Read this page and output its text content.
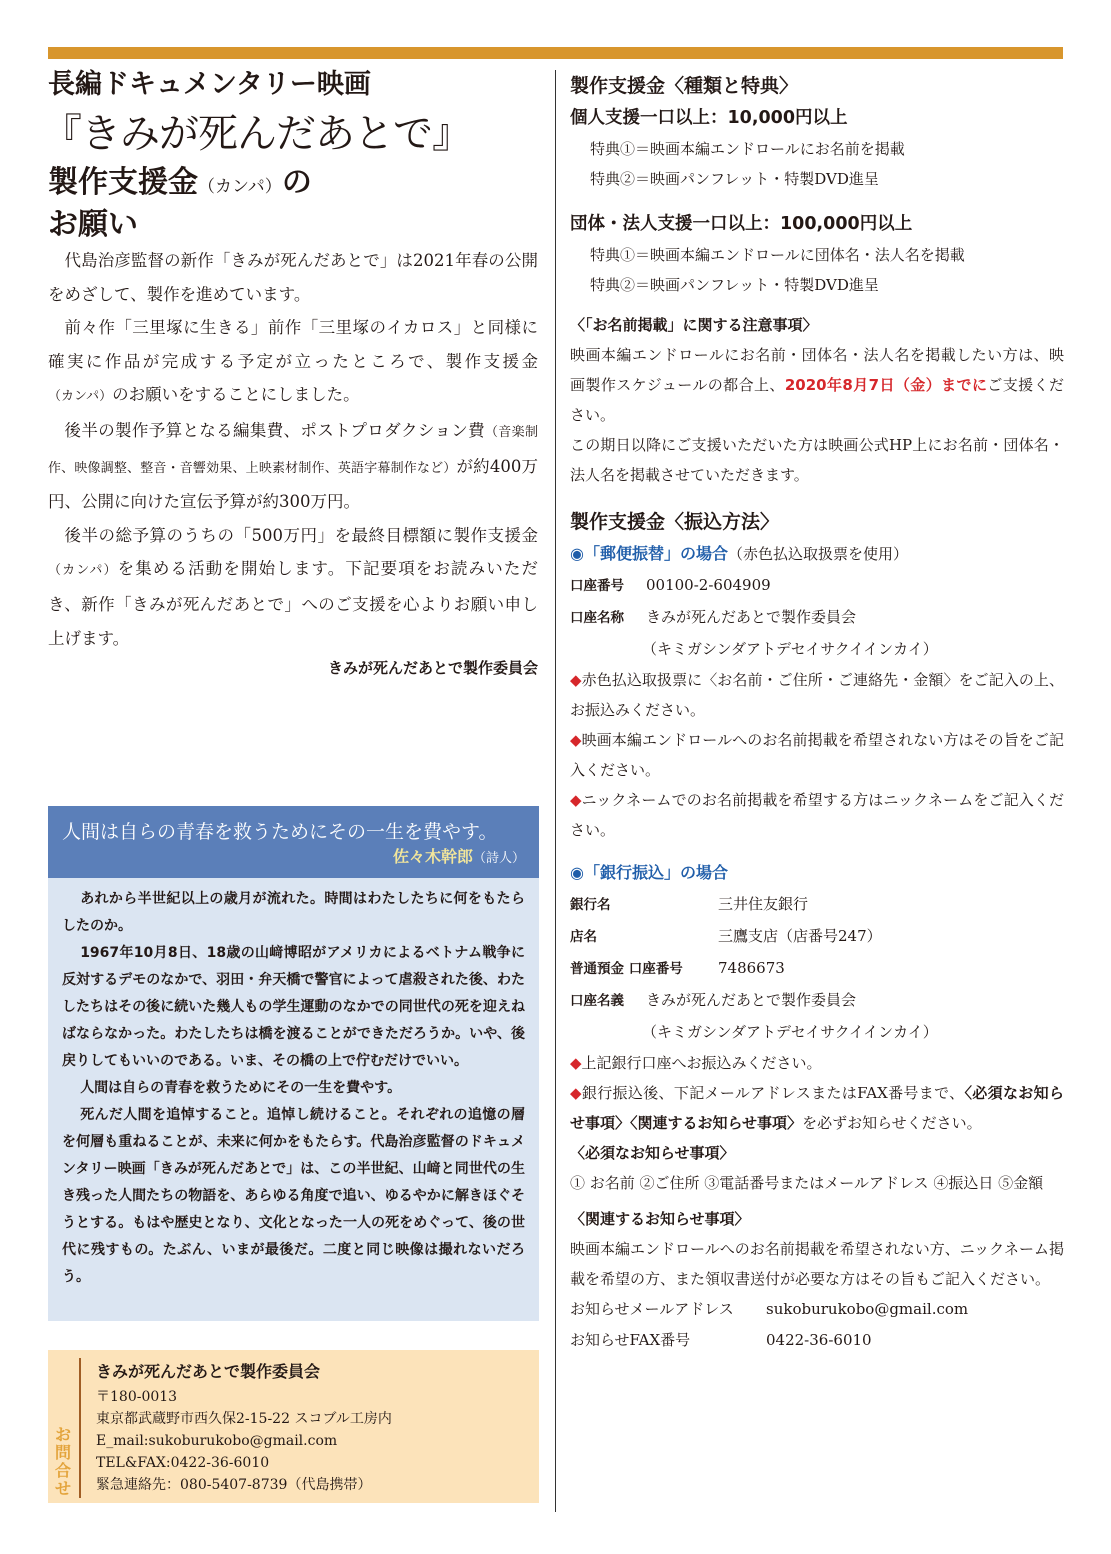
長編ドキュメンタリー映画
『きみが死んだあとで』
製作支援金（カンパ）の
お願い

代島治彦監督の新作「きみが死んだあとで」は2021年春の公開をめざして、製作を進めています。

前々作「三里塚に生きる」前作「三里塚のイカロス」と同様に確実に作品が完成する予定が立ったところで、製作支援金（カンパ）のお願いをすることにしました。

後半の製作予算となる編集費、ポストプロダクション費（音楽制作、映像調整、整音・音響効果、上映素材制作、英語字幕制作など）が約400万円、公開に向けた宣伝予算が約300万円。

後半の総予算のうちの「500万円」を最終目標額に製作支援金（カンパ）を集める活動を開始します。下記要項をお読みいただき、新作「きみが死んだあとで」へのご支援を心よりお願い申し上げます。

きみが死んだあとで製作委員会
人間は自らの青春を救うためにその一生を費やす。
佐々木幹郎（詩人）

あれから半世紀以上の歳月が流れた。時間はわたしたちに何をもたらしたのか。

1967年10月8日、18歳の山﨑博昭がアメリカによるベトナム戦争に反対するデモのなかで、羽田・弁天橋で警官によって虐殺された後、わたしたちはその後に続いた幾人もの学生運動のなかでの同世代の死を迎えねばならなかった。わたしたちは橋を渡ることができただろうか。いや、後戻りしてもいいのである。いま、その橋の上で佇むだけでいい。

人間は自らの青春を救うためにその一生を費やす。

死んだ人間を追悼すること。追悼し続けること。それぞれの追憶の層を何層も重ねることが、未来に何かをもたらす。代島治彦監督のドキュメンタリー映画「きみが死んだあとで」は、この半世紀、山﨑と同世代の生き残った人間たちの物語を、あらゆる角度で追い、ゆるやかに解きほぐそうとする。もはや歴史となり、文化となった一人の死をめぐって、後の世代に残すもの。たぶん、いまが最後だ。二度と同じ映像は撮れないだろう。

お問合せ
きみが死んだあとで製作委員会
〒180-0013
東京都武蔵野市西久保2-15-22 スコブル工房内
E_mail:sukoburukobo@gmail.com
TEL&FAX:0422-36-6010
緊急連絡先：080-5407-8739（代島携帯）
製作支援金〈種類と特典〉
個人支援一口以上：10,000円以上
特典①＝映画本編エンドロールにお名前を掲載
特典②＝映画パンフレット・特製DVD進呈
団体・法人支援一口以上：100,000円以上
特典①＝映画本編エンドロールに団体名・法人名を掲載
特典②＝映画パンフレット・特製DVD進呈
〈「お名前掲載」に関する注意事項〉
映画本編エンドロールにお名前・団体名・法人名を掲載したい方は、映画製作スケジュールの都合上、2020年8月7日（金）までにご支援ください。
この期日以降にご支援いただいた方は映画公式HP上にお名前・団体名・法人名を掲載させていただきます。
製作支援金〈振込方法〉
◉「郵便振替」の場合（赤色払込取扱票を使用）
口座番号 00100-2-604909
口座名称 きみが死んだあとで製作委員会
（キミガシンダアトデセイサクイインカイ）
◆赤色払込取扱票に〈お名前・ご住所・ご連絡先・金額〉をご記入の上、お振込みください。
◆映画本編エンドロールへのお名前掲載を希望されない方はその旨をご記入ください。
◆ニックネームでのお名前掲載を希望する方はニックネームをご記入ください。
◉「銀行振込」の場合
銀行名	三井住友銀行
店名	三鷹支店（店番号247）
普通預金 口座番号 7486673
口座名義 きみが死んだあとで製作委員会
（キミガシンダアトデセイサクイインカイ）
◆上記銀行口座へお振込みください。
◆銀行振込後、下記メールアドレスまたはFAX番号まで、〈必須なお知らせ事項〉〈関連するお知らせ事項〉を必ずお知らせください。
〈必須なお知らせ事項〉
① お名前 ②ご住所 ③電話番号またはメールアドレス ④振込日 ⑤金額
〈関連するお知らせ事項〉
映画本編エンドロールへのお名前掲載を希望されない方、ニックネーム掲載を希望の方、また領収書送付が必要な方はその旨もご記入ください。
お知らせメールアドレス sukoburukobo@gmail.com
お知らせFAX番号	0422-36-6010
